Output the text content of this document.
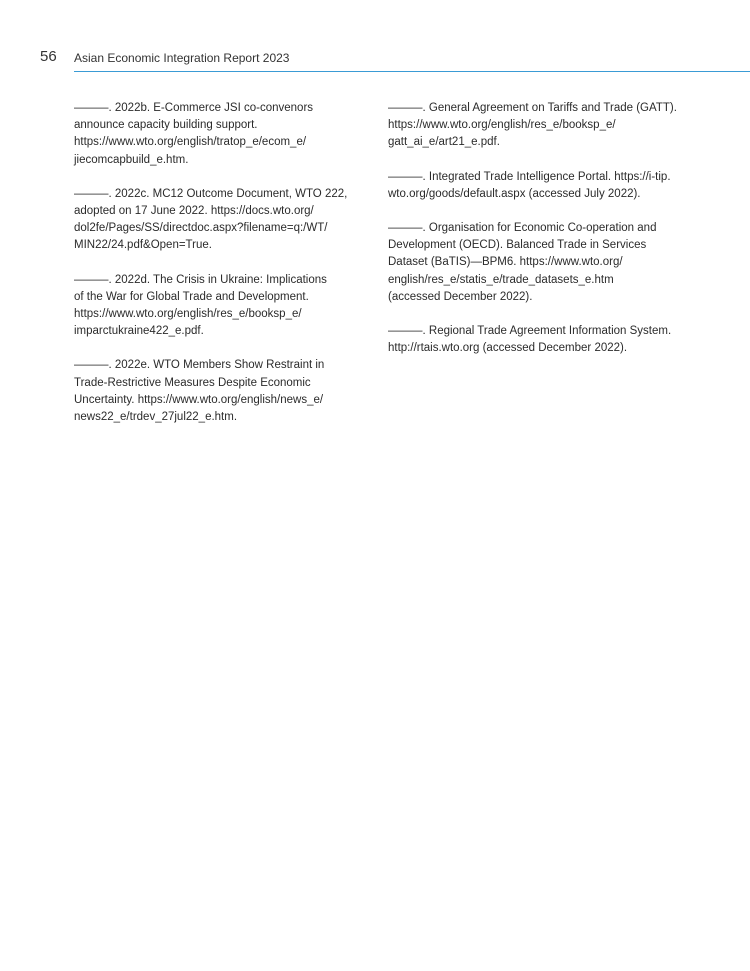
56 Asian Economic Integration Report 2023
———. 2022b. E-Commerce JSI co-convenors
announce capacity building support.
https://www.wto.org/english/tratop_e/ecom_e/
jiecomcapbuild_e.htm.
———. 2022c. MC12 Outcome Document, WTO 222,
adopted on 17 June 2022. https://docs.wto.org/
dol2fe/Pages/SS/directdoc.aspx?filename=q:/WT/
MIN22/24.pdf&Open=True.
———. 2022d. The Crisis in Ukraine: Implications
of the War for Global Trade and Development.
https://www.wto.org/english/res_e/booksp_e/
imparctukraine422_e.pdf.
———. 2022e. WTO Members Show Restraint in
Trade-Restrictive Measures Despite Economic
Uncertainty. https://www.wto.org/english/news_e/
news22_e/trdev_27jul22_e.htm.
———. General Agreement on Tariffs and Trade (GATT).
https://www.wto.org/english/res_e/booksp_e/
gatt_ai_e/art21_e.pdf.
———. Integrated Trade Intelligence Portal. https://i-tip.
wto.org/goods/default.aspx (accessed July 2022).
———. Organisation for Economic Co-operation and
Development (OECD). Balanced Trade in Services
Dataset (BaTIS)—BPM6. https://www.wto.org/
english/res_e/statis_e/trade_datasets_e.htm
(accessed December 2022).
———. Regional Trade Agreement Information System.
http://rtais.wto.org (accessed December 2022).
